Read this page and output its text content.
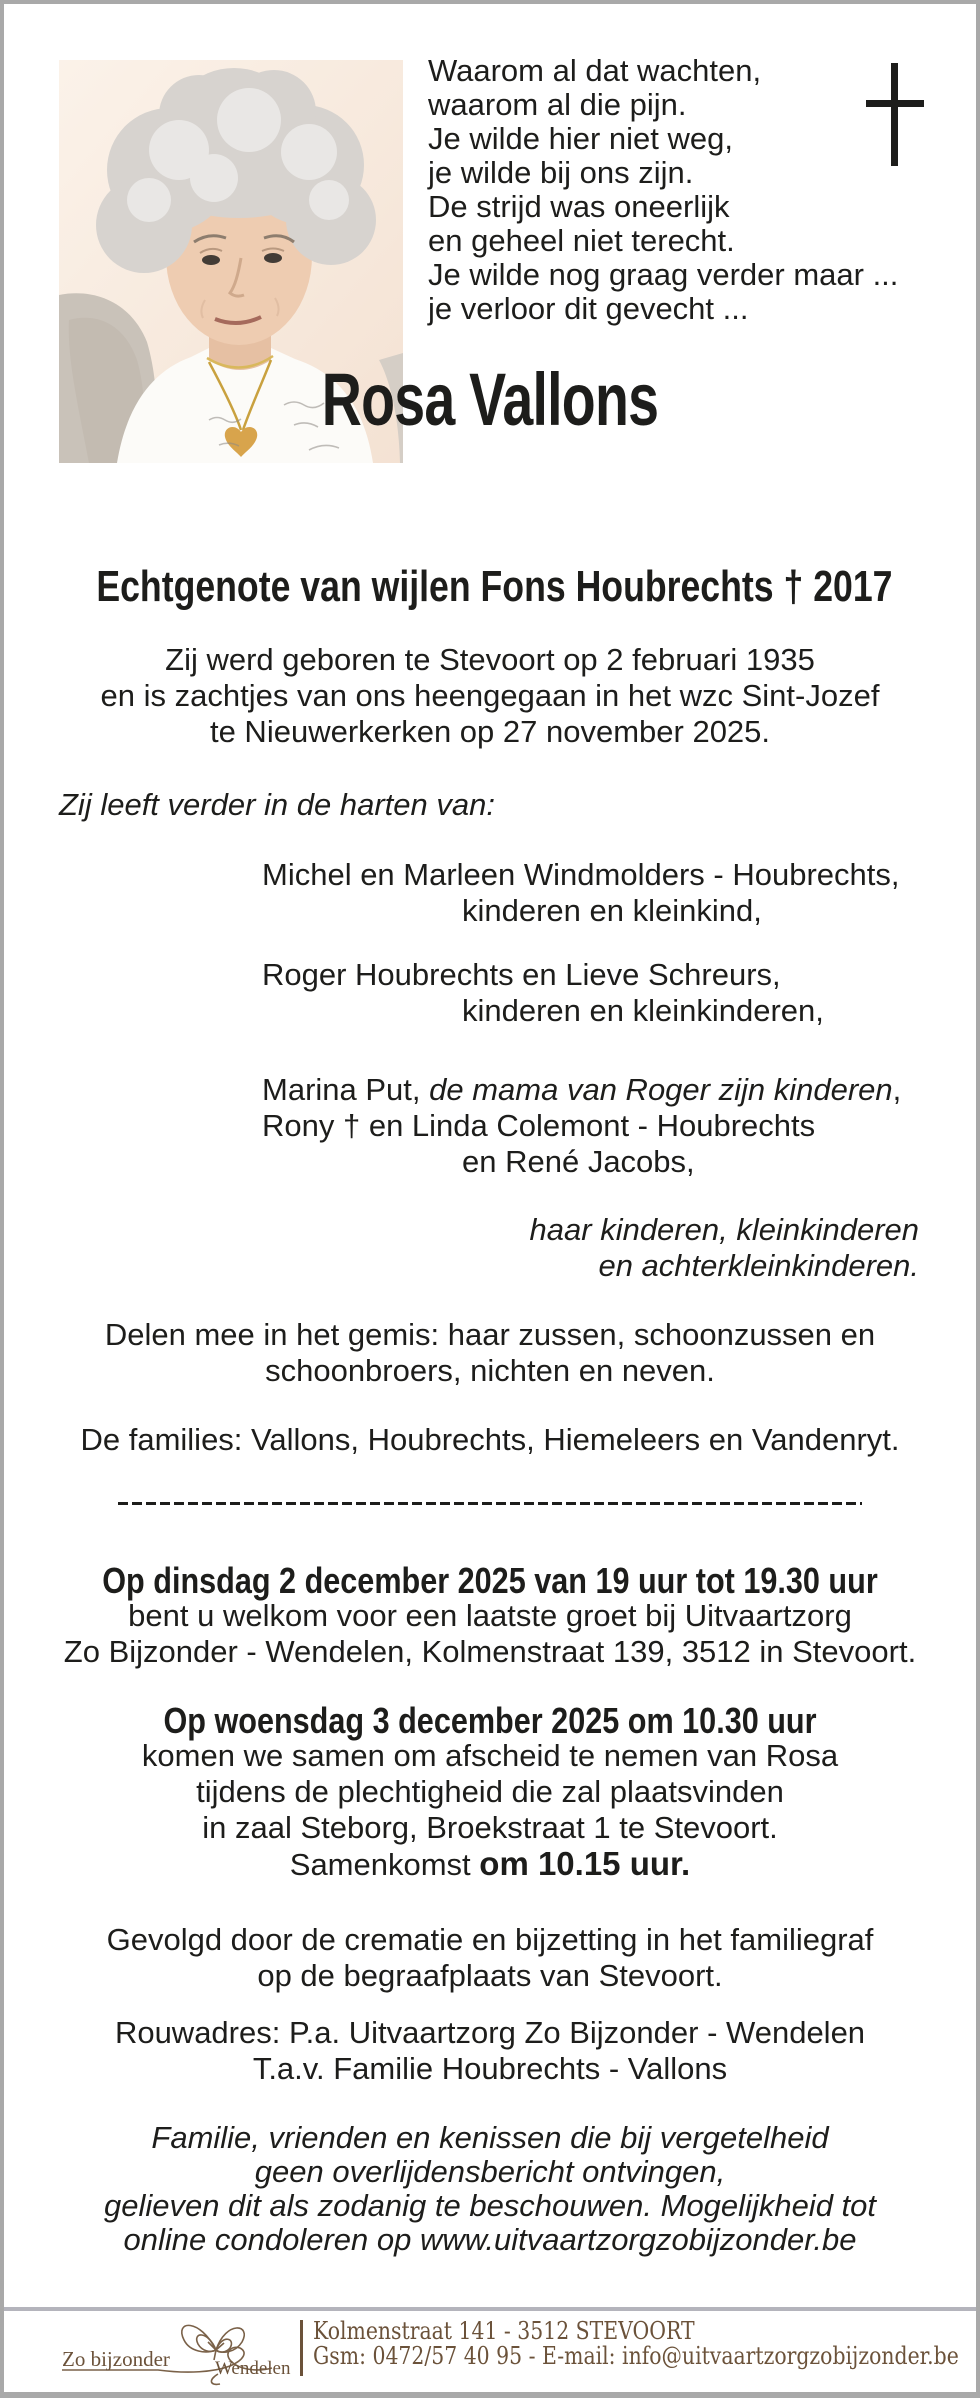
Waarom al dat wachten,
waarom al die pijn.
Je wilde hier niet weg,
je wilde bij ons zijn.
De strijd was oneerlijk
en geheel niet terecht.
Je wilde nog graag verder maar ...
je verloor dit gevecht ...
Rosa Vallons
Echtgenote van wijlen Fons Houbrechts † 2017
Zij werd geboren te Stevoort op 2 februari 1935
en is zachtjes van ons heengegaan in het wzc Sint-Jozef
te Nieuwerkerken op 27 november 2025.
Zij leeft verder in de harten van:
Michel en Marleen Windmolders - Houbrechts,
kinderen en kleinkind,
Roger Houbrechts en Lieve Schreurs,
kinderen en kleinkinderen,
Marina Put, de mama van Roger zijn kinderen,
Rony † en Linda Colemont - Houbrechts
en René Jacobs,
haar kinderen, kleinkinderen
en achterkleinkinderen.
Delen mee in het gemis: haar zussen, schoonzussen en
schoonbroers, nichten en neven.
De families: Vallons, Houbrechts, Hiemeleers en Vandenryt.
Op dinsdag 2 december 2025 van 19 uur tot 19.30 uur
bent u welkom voor een laatste groet bij Uitvaartzorg
Zo Bijzonder - Wendelen, Kolmenstraat 139, 3512 in Stevoort.
Op woensdag 3 december 2025 om 10.30 uur
komen we samen om afscheid te nemen van Rosa
tijdens de plechtigheid die zal plaatsvinden
in zaal Steborg, Broekstraat 1 te Stevoort.
Samenkomst om 10.15 uur.
Gevolgd door de crematie en bijzetting in het familiegraf
op de begraafplaats van Stevoort.
Rouwadres: P.a. Uitvaartzorg Zo Bijzonder - Wendelen
T.a.v. Familie Houbrechts - Vallons
Familie, vrienden en kenissen die bij vergetelheid
geen overlijdensbericht ontvingen,
gelieven dit als zodanig te beschouwen. Mogelijkheid tot
online condoleren op www.uitvaartzorgzobijzonder.be
Zo bijzonder Wendelen
Kolmenstraat 141 - 3512 STEVOORT
Gsm: 0472/57 40 95 - E-mail: info@uitvaartzorgzobijzonder.be
